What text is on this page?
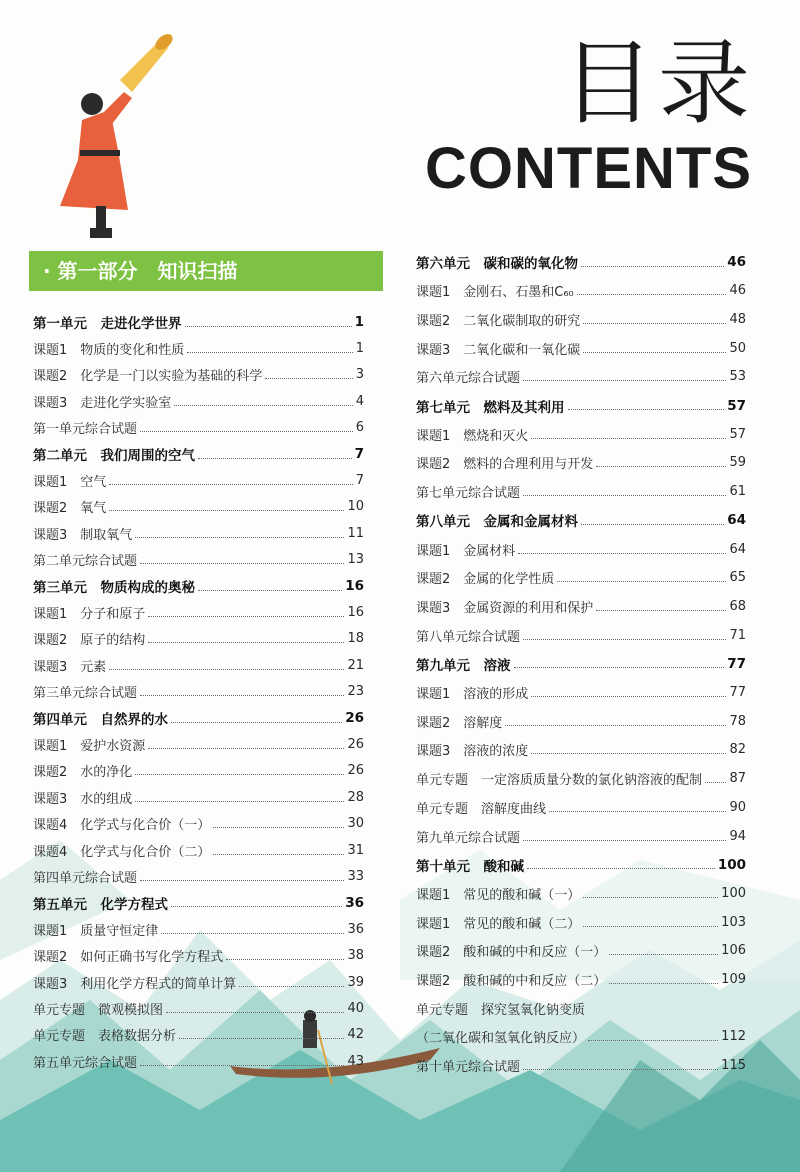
目录
CONTENTS
· 第一部分　知识扫描
第一单元　走进化学世界	1
课题1　物质的变化和性质	1
课题2　化学是一门以实验为基础的科学	3
课题3　走进化学实验室	4
第一单元综合试题	6
第二单元　我们周围的空气	7
课题1　空气	7
课题2　氧气	10
课题3　制取氧气	11
第二单元综合试题	13
第三单元　物质构成的奥秘	16
课题1　分子和原子	16
课题2　原子的结构	18
课题3　元素	21
第三单元综合试题	23
第四单元　自然界的水	26
课题1　爱护水资源	26
课题2　水的净化	26
课题3　水的组成	28
课题4　化学式与化合价（一）	30
课题4　化学式与化合价（二）	31
第四单元综合试题	33
第五单元　化学方程式	36
课题1　质量守恒定律	36
课题2　如何正确书写化学方程式	38
课题3　利用化学方程式的简单计算	39
单元专题　微观模拟图	40
单元专题　表格数据分析	42
第五单元综合试题	43
第六单元　碳和碳的氧化物	46
课题1　金刚石、石墨和C₆₀	46
课题2　二氧化碳制取的研究	48
课题3　二氧化碳和一氧化碳	50
第六单元综合试题	53
第七单元　燃料及其利用	57
课题1　燃烧和灭火	57
课题2　燃料的合理利用与开发	59
第七单元综合试题	61
第八单元　金属和金属材料	64
课题1　金属材料	64
课题2　金属的化学性质	65
课题3　金属资源的利用和保护	68
第八单元综合试题	71
第九单元　溶液	77
课题1　溶液的形成	77
课题2　溶解度	78
课题3　溶液的浓度	82
单元专题　一定溶质质量分数的氯化钠溶液的配制 87
单元专题　溶解度曲线	90
第九单元综合试题	94
第十单元　酸和碱	100
课题1　常见的酸和碱（一）	100
课题1　常见的酸和碱（二）	103
课题2　酸和碱的中和反应（一）	106
课题2　酸和碱的中和反应（二）	109
单元专题　探究氢氧化钠变质
（二氧化碳和氢氧化钠反应）	112
第十单元综合试题	115
